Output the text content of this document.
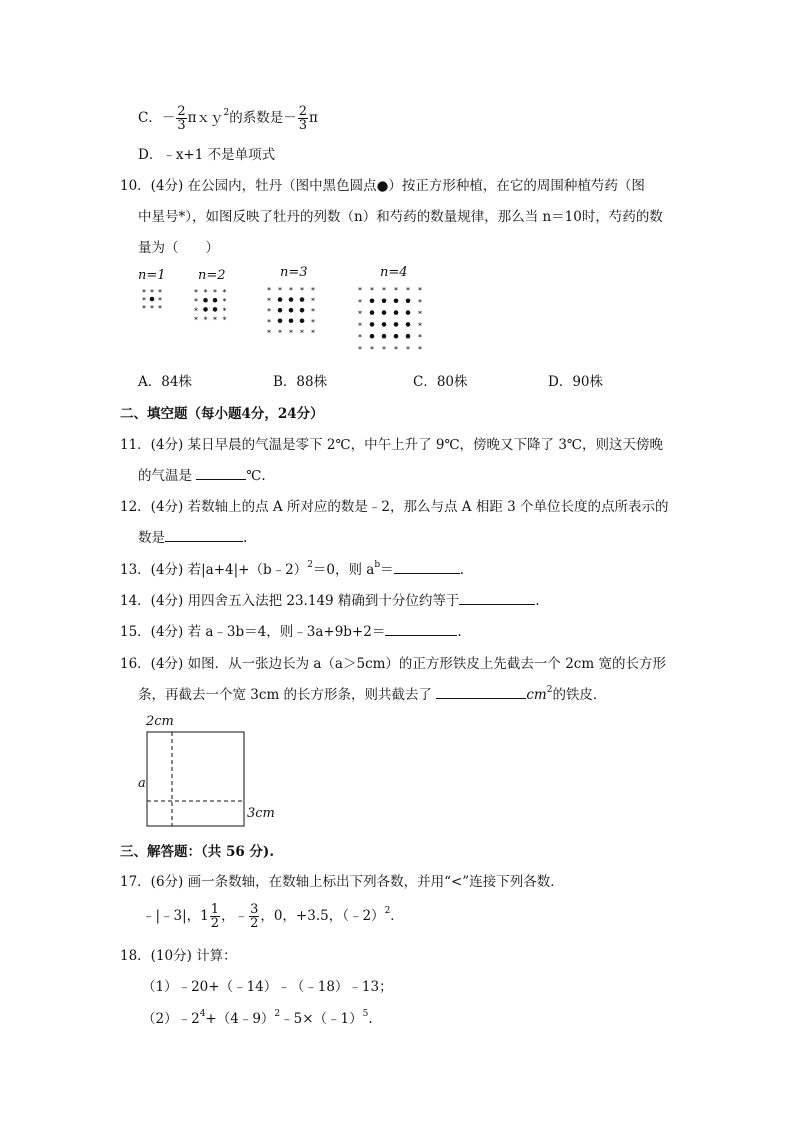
C．－ $\frac{2}{3}$ πｘｙ$^2$的系数是－ $\frac{2}{3}$ π
D．﹣x+1 不是单项式
10．(4分) 在公园内，牡丹（图中黑色圆点●）按正方形种植，在它的周围种植芍药（图
中星号*），如图反映了牡丹的列数（n）和芍药的数量规律，那么当 n＝10时，芍药的数
量为（　　）
n=1 n=2	n=3	n=4
* * *
* *
* * *
* * * *
*	*
*	*
* * * *
* * * * *
*	*
*	*
*	*
* * * * *
* * * * * *
*	*
*	*
*	*
*	*
* * * * * *
A．84株	B．88株	C．80株	D．90株
二、填空题（每小题4分，24分）
11．(4分) 某日早晨的气温是零下 2℃，中午上升了 9℃，傍晚又下降了 3℃，则这天傍晚
的气温是	℃.
12．(4分) 若数轴上的点 A 所对应的数是﹣2，那么与点 A 相距 3 个单位长度的点所表示的
数是	.
13．(4分) 若|a+4|+（b﹣2）$^2$＝0，则 $a^b=$	.
14．(4分) 用四舍五入法把 23.149 精确到十分位约等于	.
15．(4分) 若 a﹣3b＝4，则﹣3a+9b+2＝	.
16．(4分) 如图．从一张边长为 a（a＞5cm）的正方形铁皮上先截去一个 2cm 宽的长方形
条，再截去一个宽 3cm 的长方形条，则共截去了	$cm^2$的铁皮．
2cm
a
3cm
三、解答题：（共 56 分).
17．(6分) 画一条数轴，在数轴上标出下列各数，并用“<”连接下列各数．
﹣|﹣3|，$1 \frac{1}{2}$ ，﹣ $\frac{3}{2}$ ，0，+3.5，（﹣2）$^2$．
18．(10分) 计算：
（1）﹣20+（﹣14）﹣（﹣18）﹣13；
$(2)﹣2^4+(4﹣9)^2﹣5\times(﹣1)^5$.
